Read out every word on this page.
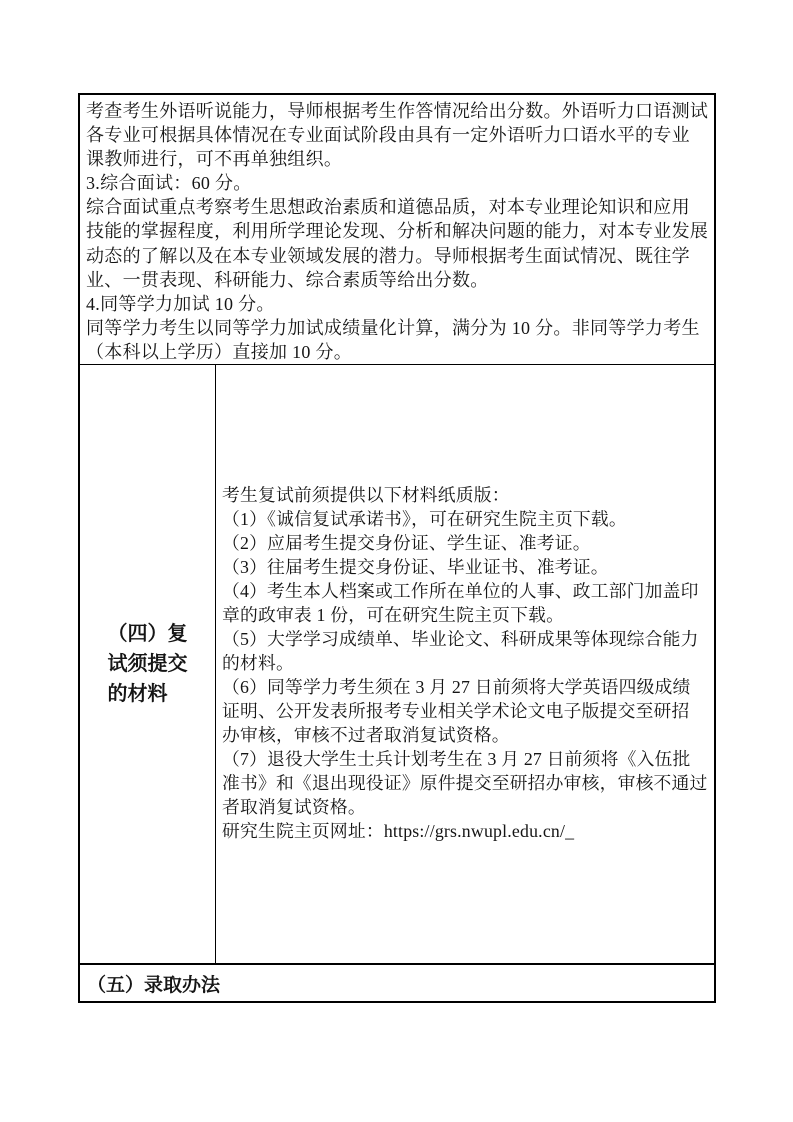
考查考生外语听说能力，导师根据考生作答情况给出分数。外语听力口语测试
各专业可根据具体情况在专业面试阶段由具有一定外语听力口语水平的专业
课教师进行，可不再单独组织。
3.综合面试：60 分。
综合面试重点考察考生思想政治素质和道德品质，对本专业理论知识和应用
技能的掌握程度，利用所学理论发现、分析和解决问题的能力，对本专业发展
动态的了解以及在本专业领域发展的潜力。导师根据考生面试情况、既往学
业、一贯表现、科研能力、综合素质等给出分数。
4.同等学力加试 10 分。
同等学力考生以同等学力加试成绩量化计算，满分为 10 分。非同等学力考生
（本科以上学历）直接加 10 分。
（四）复
试须提交
的材料
考生复试前须提供以下材料纸质版：
（1）《诚信复试承诺书》，可在研究生院主页下载。
（2）应届考生提交身份证、学生证、准考证。
（3）往届考生提交身份证、毕业证书、准考证。
（4）考生本人档案或工作所在单位的人事、政工部门加盖印
章的政审表 1 份，可在研究生院主页下载。
（5）大学学习成绩单、毕业论文、科研成果等体现综合能力
的材料。
（6）同等学力考生须在 3 月 27 日前须将大学英语四级成绩
证明、公开发表所报考专业相关学术论文电子版提交至研招
办审核，审核不过者取消复试资格。
（7）退役大学生士兵计划考生在 3 月 27 日前须将《入伍批
准书》和《退出现役证》原件提交至研招办审核，审核不通过
者取消复试资格。
研究生院主页网址：https://grs.nwupl.edu.cn/_
（五）录取办法
